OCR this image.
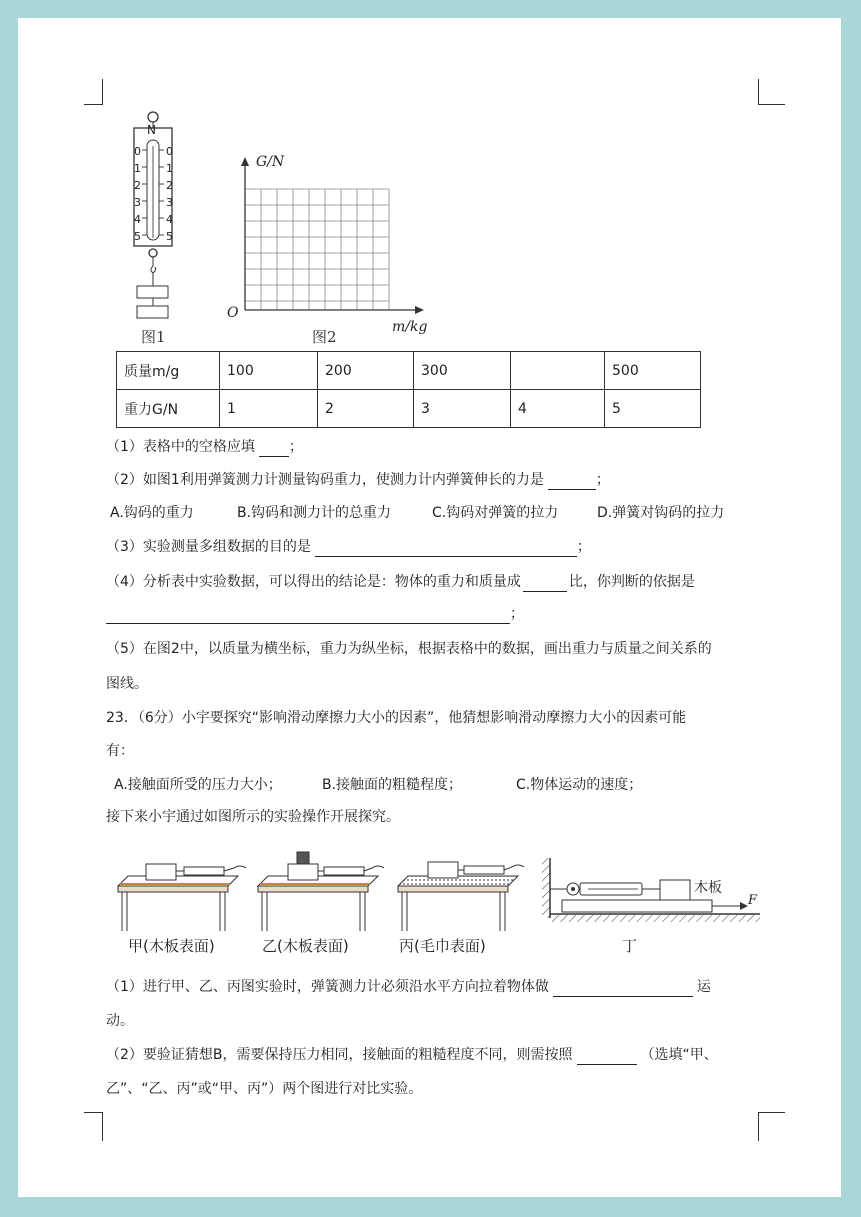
N
0
1
2
3
4
5
0
1
2
3
4
5
图1
G/N
O
m/kg
图2
质量m/g	100	200	300		500
重力G/N	1	2	3	4	5
（1）表格中的空格应填 ；
（2）如图1利用弹簧测力计测量钩码重力，使测力计内弹簧伸长的力是	；
A.钩码的重力	B.钩码和测力计的总重力	C.钩码对弹簧的拉力	D.弹簧对钩码的拉力
（3）实验测量多组数据的目的是	；
（4）分析表中实验数据，可以得出的结论是：物体的重力和质量成	比，你判断的依据是
；
（5）在图2中，以质量为横坐标，重力为纵坐标，根据表格中的数据，画出重力与质量之间关系的
图线。
23．（6分）小宇要探究“影响滑动摩擦力大小的因素”，他猜想影响滑动摩擦力大小的因素可能
有：
A.接触面所受的压力大小；	B.接触面的粗糙程度；	C.物体运动的速度；
接下来小宇通过如图所示的实验操作开展探究。
木板
F
甲(木板表面)	乙(木板表面)	丙(毛巾表面)	丁
（1）进行甲、乙、丙图实验时，弹簧测力计必须沿水平方向拉着物体做	运
动。
（2）要验证猜想B，需要保持压力相同，接触面的粗糙程度不同，则需按照	（选填“甲、
乙”、“乙、丙”或“甲、丙”）两个图进行对比实验。
